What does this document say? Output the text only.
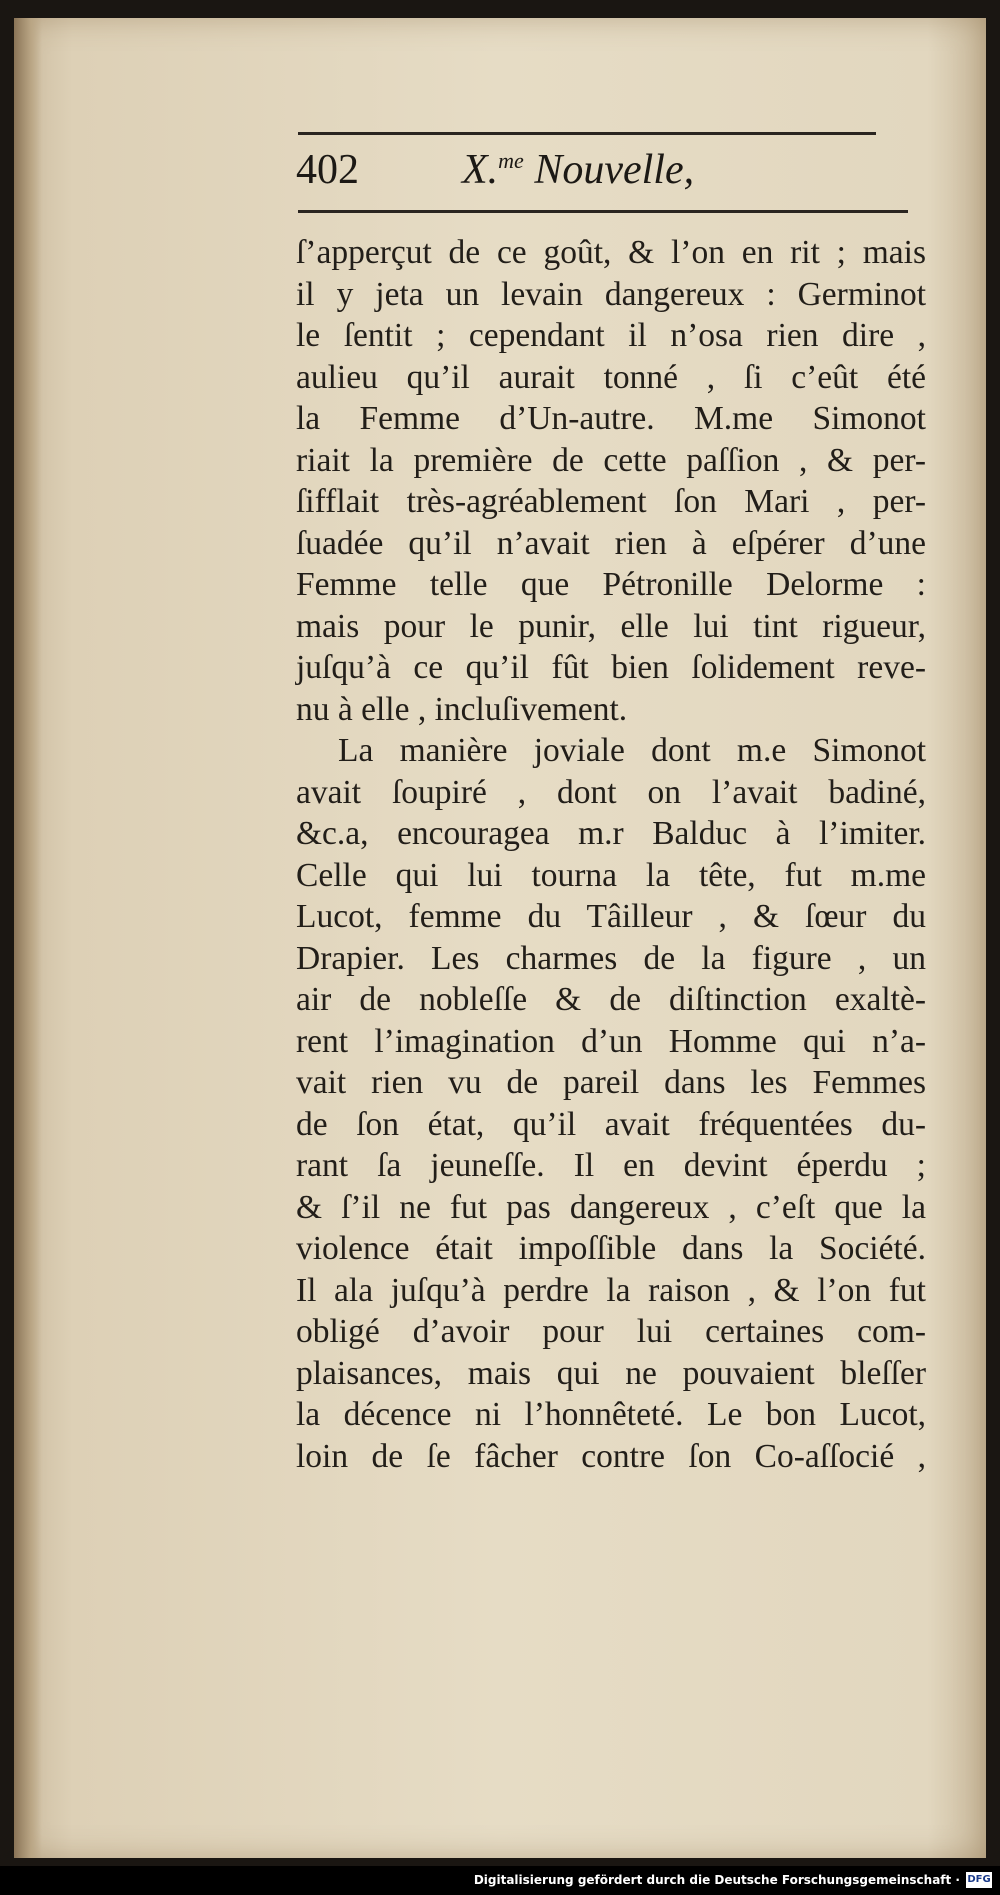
402 X.$^{me}$ Nouvelle,
ſ’apperçut de ce goût, & l’on en rit ; mais
il y jeta un levain dangereux : Germinot
le ſentit ; cependant il n’osa rien dire ,
aulieu qu’il aurait tonné , ſi c’eût été
la Femme d’Un-autre. M.me Simonot
riait la première de cette paſſion , & per-
ſifflait très-agréablement ſon Mari , per-
ſuadée qu’il n’avait rien à eſpérer d’une
Femme telle que Pétronille Delorme :
mais pour le punir, elle lui tint rigueur,
juſqu’à ce qu’il fût bien ſolidement reve-
nu à elle , incluſivement.
La manière joviale dont m.e Simonot
avait ſoupiré , dont on l’avait badiné,
&c.a, encouragea m.r Balduc à l’imiter.
Celle qui lui tourna la tête, fut m.me
Lucot, femme du Tâilleur , & ſœur du
Drapier. Les charmes de la figure , un
air de nobleſſe & de diſtinction exaltè-
rent l’imagination d’un Homme qui n’a-
vait rien vu de pareil dans les Femmes
de ſon état, qu’il avait fréquentées du-
rant ſa jeuneſſe. Il en devint éperdu ;
& ſ’il ne fut pas dangereux , c’eſt que la
violence était impoſſible dans la Société.
Il ala juſqu’à perdre la raison , & l’on fut
obligé d’avoir pour lui certaines com-
plaisances, mais qui ne pouvaient bleſſer
la décence ni l’honnêteté. Le bon Lucot,
loin de ſe fâcher contre ſon Co-aſſocié ,
Digitalisierung gefördert durch die Deutsche Forschungsgemeinschaft · DFG
